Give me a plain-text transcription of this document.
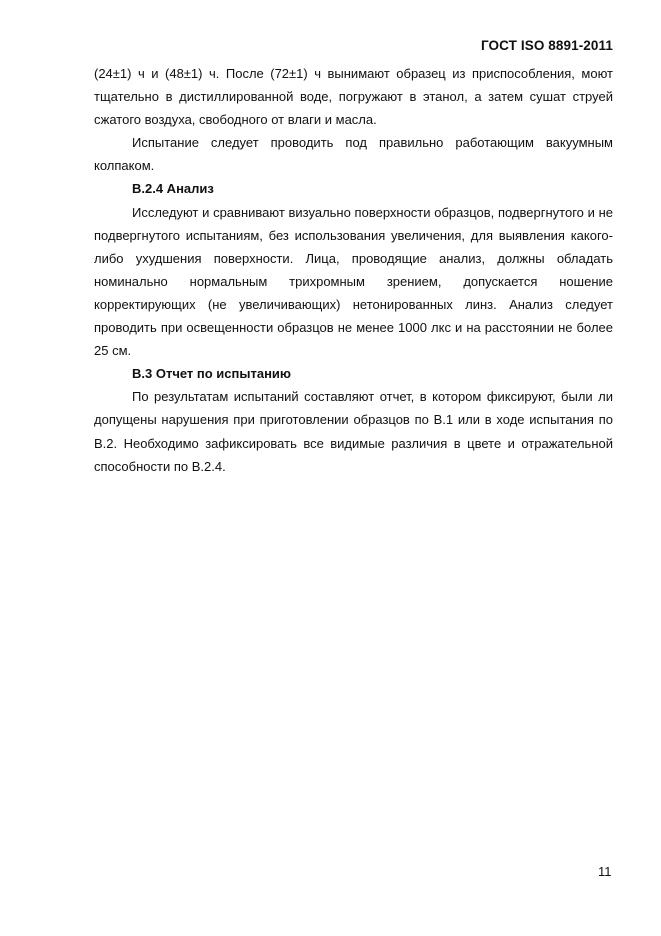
ГОСТ ISO 8891-2011

(24±1) ч и (48±1) ч. После (72±1) ч вынимают образец из приспособления, моют тщательно в дистиллированной воде, погружают в этанол, а затем сушат струей сжатого воздуха, свободного от влаги и масла.

Испытание следует проводить под правильно работающим вакуумным колпаком.

В.2.4 Анализ

Исследуют и сравнивают визуально поверхности образцов, подвергнутого и не подвергнутого испытаниям, без использования увеличения, для выявления какого-либо ухудшения поверхности. Лица, проводящие анализ, должны обладать номинально нормальным трихромным зрением, допускается ношение корректирующих (не увеличивающих) нетонированных линз. Анализ следует проводить при освещенности образцов не менее 1000 лкс и на расстоянии не более 25 см.

В.3 Отчет по испытанию

По результатам испытаний составляют отчет, в котором фиксируют, были ли допущены нарушения при приготовлении образцов по В.1 или в ходе испытания по В.2. Необходимо зафиксировать все видимые различия в цвете и отражательной способности по В.2.4.

11
